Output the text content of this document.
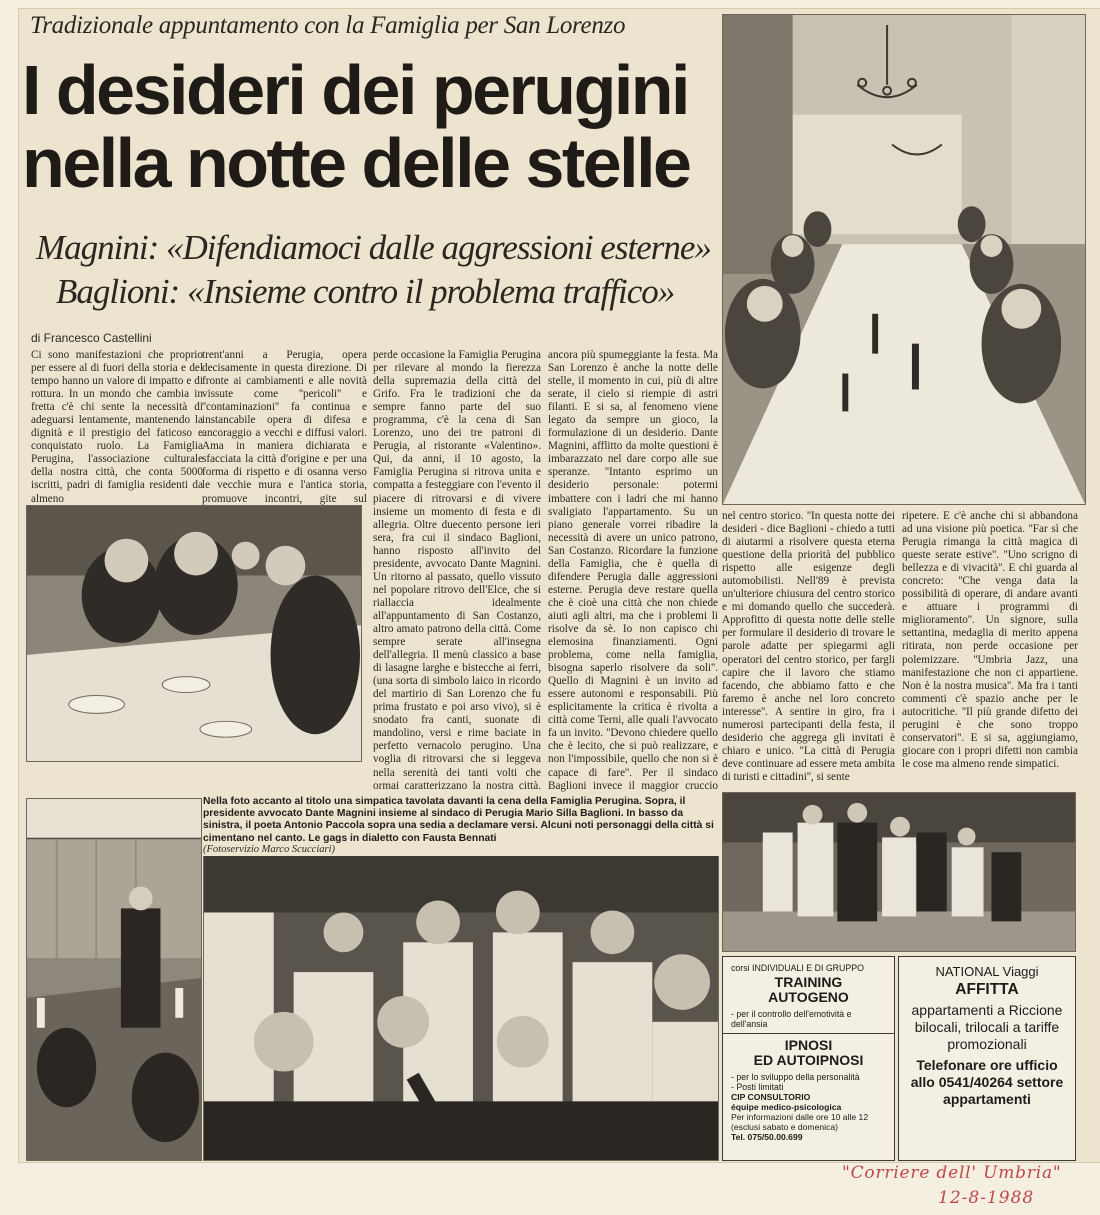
Tradizionale appuntamento con la Famiglia per San Lorenzo
I desideri dei perugini
nella notte delle stelle
Magnini: «Difendiamoci dalle aggressioni esterne»
Baglioni: «Insieme contro il problema traffico»
di Francesco Castellini
Ci sono manifestazioni che proprio per essere al di fuori della storia e del tempo hanno un valore di impatto e di rottura. In un mondo che cambia in fretta c'è chi sente la necessità di adeguarsi lentamente, mantenendo la dignità e il prestigio del faticoso e conquistato ruolo. La Famiglia Perugina, l'associazione culturale della nostra città, che conta 5000 iscritti, padri di famiglia residenti da almeno
trent'anni a Perugia, opera decisamente in questa direzione. Di fronte ai cambiamenti e alle novità vissute come ''pericoli'' e ''contaminazioni'' fa continua e instancabile opera di difesa e ancoraggio a vecchi e diffusi valori. Ama in maniera dichiarata e sfacciata la città d'origine e per una forma di rispetto e di osanna verso le vecchie mura e l'antica storia, promuove incontri, gite sul
perde occasione la Famiglia Perugina per rilevare al mondo la fierezza della supremazia della città del Grifo. Fra le tradizioni che da sempre fanno parte del suo programma, c'è la cena di San Lorenzo, uno dei tre patroni di Perugia, al ristorante «Valentino». Qui, da anni, il 10 agosto, la Famiglia Perugina si ritrova unita e compatta a festeggiare con l'evento il piacere di ritrovarsi e di vivere insieme un momento di festa e di allegria. Oltre duecento persone ieri sera, fra cui il sindaco Baglioni, hanno risposto all'invito del presidente, avvocato Dante Magnini. Un ritorno al passato, quello vissuto nel popolare ritrovo dell'Elce, che si riallaccia idealmente all'appuntamento di San Costanzo, altro amato patrono della città. Come sempre serate all'insegna dell'allegria. Il menù classico a base di lasagne larghe e bistecche ai ferri, (una sorta di simbolo laico in ricordo del martirio di San Lorenzo che fu prima frustato e poi arso vivo), si è snodato fra canti, suonate di mandolino, versi e rime baciate in perfetto vernacolo perugino. Una voglia di ritrovarsi che si leggeva nella serenità dei tanti volti che ormai caratterizzano la nostra città.
ancora più spumeggiante la festa. Ma San Lorenzo è anche la notte delle stelle, il momento in cui, più di altre serate, il cielo si riempie di astri filanti. E si sa, al fenomeno viene legato da sempre un gioco, la formulazione di un desiderio. Dante Magnini, afflitto da molte questioni è imbarazzato nel dare corpo alle sue speranze. ''Intanto esprimo un desiderio personale: potermi imbattere con i ladri che mi hanno svaligiato l'appartamento. Su un piano generale vorrei ribadire la necessità di avere un unico patrono, San Costanzo. Ricordare la funzione della Famiglia, che è quella di difendere Perugia dalle aggressioni esterne. Perugia deve restare quella che è cioè una città che non chiede aiuti agli altri, ma che i problemi li risolve da sè. Io non capisco chi elemosina finanziamenti. Ogni problema, come nella famiglia, bisogna saperlo risolvere da soli''. Quello di Magnini è un invito ad essere autonomi e responsabili. Più esplicitamente la critica è rivolta a città come Terni, alle quali l'avvocato fa un invito. ''Devono chiedere quello che è lecito, che si può realizzare, e non l'impossibile, quello che non si è capace di fare''. Per il sindaco Baglioni invece il maggior cruccio
nel centro storico. ''In questa notte dei desideri - dice Baglioni - chiedo a tutti di aiutarmi a risolvere questa eterna questione della priorità del pubblico rispetto alle esigenze degli automobilisti. Nell'89 è prevista un'ulteriore chiusura del centro storico e mi domando quello che succederà. Approfitto di questa notte delle stelle per formulare il desiderio di trovare le parole adatte per spiegarmi agli operatori del centro storico, per fargli capire che il lavoro che stiamo facendo, che abbiamo fatto e che faremo è anche nel loro concreto interesse''. A sentire in giro, fra i numerosi partecipanti della festa, il desiderio che aggrega gli invitati è chiaro e unico. ''La città di Perugia deve continuare ad essere meta ambita di turisti e cittadini'', si sente
ripetere. E c'è anche chi si abbandona ad una visione più poetica. ''Far sì che Perugia rimanga la città magica di queste serate estive''. ''Uno scrigno di bellezza e di vivacità''. E chi guarda al concreto: ''Che venga data la possibilità di operare, di andare avanti e attuare i programmi di miglioramento''. Un signore, sulla settantina, medaglia di merito appena ritirata, non perde occasione per polemizzare. ''Umbria Jazz, una manifestazione che non ci appartiene. Non è la nostra musica''. Ma fra i tanti commenti c'è spazio anche per le autocritiche. ''Il più grande difetto dei perugini è che sono troppo conservatori''. E si sa, aggiungiamo, giocare con i propri difetti non cambia le cose ma almeno rende simpatici.
Nella foto accanto al titolo una simpatica tavolata davanti la cena della Famiglia Perugina. Sopra, il presidente avvocato Dante Magnini insieme al sindaco di Perugia Mario Silla Baglioni. In basso da sinistra, il poeta Antonio Paccola sopra una sedia a declamare versi. Alcuni noti personaggi della città si cimentano nel canto. Le gags in dialetto con Fausta Bennati
(Fotoservizio Marco Scucciari)
corsi INDIVIDUALI E DI GRUPPO
TRAINING
AUTOGENO
- per il controllo dell'emotività e dell'ansia
IPNOSI
ED AUTOIPNOSI
- per lo sviluppo della personalità
- Posti limitati
CIP CONSULTORIO
équipe medico-psicologica
Per informazioni dalle ore 10 alle 12 (esclusi sabato e domenica)
Tel. 075/50.00.699
NATIONAL Viaggi
AFFITTA
appartamenti a Riccione bilocali, trilocali a tariffe promozionali
Telefonare ore ufficio allo 0541/40264 settore appartamenti
"Corriere dell' Umbria"
12-8-1988
